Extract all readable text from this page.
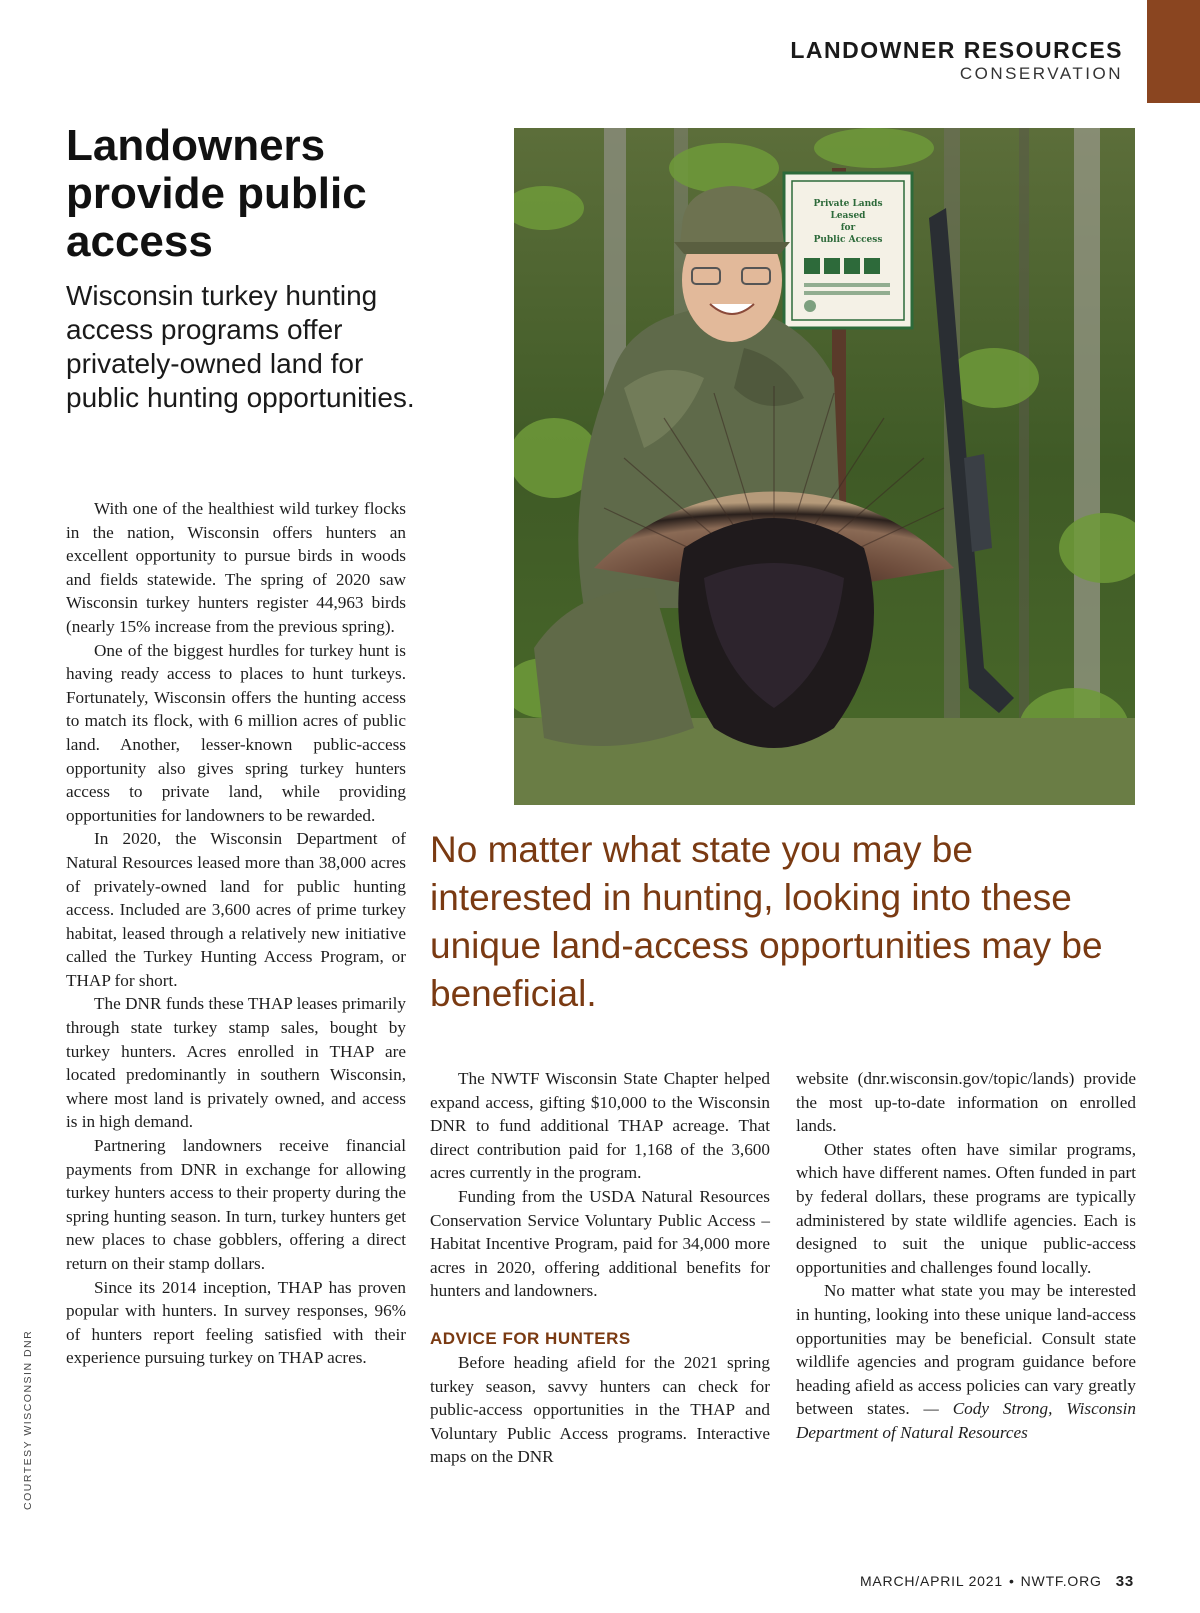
LANDOWNER RESOURCES
CONSERVATION
Landowners provide public access

Wisconsin turkey hunting access programs offer privately-owned land for public hunting opportunities.

Private Lands
Leased
for
Public Access

No matter what state you may be interested in hunting, looking into these unique land-access opportunities may be beneficial.

With one of the healthiest wild turkey flocks in the nation, Wisconsin offers hunters an excellent opportunity to pursue birds in woods and fields statewide. The spring of 2020 saw Wisconsin turkey hunters register 44,963 birds (nearly 15% increase from the previous spring).

One of the biggest hurdles for turkey hunt is having ready access to places to hunt turkeys. Fortunately, Wisconsin offers the hunting access to match its flock, with 6 million acres of public land. Another, lesser-known public-access opportunity also gives spring turkey hunters access to private land, while providing opportunities for landowners to be rewarded.

In 2020, the Wisconsin Department of Natural Resources leased more than 38,000 acres of privately-owned land for public hunting access. Included are 3,600 acres of prime turkey habitat, leased through a relatively new initiative called the Turkey Hunting Access Program, or THAP for short.

The DNR funds these THAP leases primarily through state turkey stamp sales, bought by turkey hunters. Acres enrolled in THAP are located predominantly in southern Wisconsin, where most land is privately owned, and access is in high demand.

Partnering landowners receive financial payments from DNR in exchange for allowing turkey hunters access to their property during the spring hunting season. In turn, turkey hunters get new places to chase gobblers, offering a direct return on their stamp dollars.

Since its 2014 inception, THAP has proven popular with hunters. In survey responses, 96% of hunters report feeling satisfied with their experience pursuing turkey on THAP acres.

The NWTF Wisconsin State Chapter helped expand access, gifting $10,000 to the Wisconsin DNR to fund additional THAP acreage. That direct contribution paid for 1,168 of the 3,600 acres currently in the program.

Funding from the USDA Natural Resources Conservation Service Voluntary Public Access – Habitat Incentive Program, paid for 34,000 more acres in 2020, offering additional benefits for hunters and landowners.

ADVICE FOR HUNTERS

Before heading afield for the 2021 spring turkey season, savvy hunters can check for public-access opportunities in the THAP and Voluntary Public Access programs. Interactive maps on the DNR

website (dnr.wisconsin.gov/topic/lands) provide the most up-to-date information on enrolled lands.

Other states often have similar programs, which have different names. Often funded in part by federal dollars, these programs are typically administered by state wildlife agencies. Each is designed to suit the unique public-access opportunities and challenges found locally.

No matter what state you may be interested in hunting, looking into these unique land-access opportunities may be beneficial. Consult state wildlife agencies and program guidance before heading afield as access policies can vary greatly between states. — Cody Strong, Wisconsin Department of Natural Resources

COURTESY WISCONSIN DNR
MARCH/APRIL 2021 • NWTF.ORG 33
